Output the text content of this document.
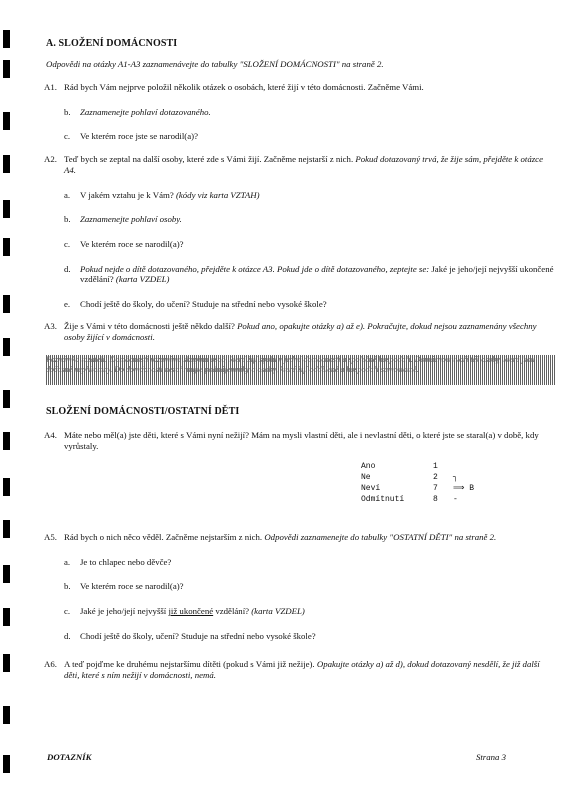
A. SLOŽENÍ DOMÁCNOSTI
Odpovědi na otázky A1-A3 zaznamenávejte do tabulky "SLOŽENÍ DOMÁCNOSTI" na straně 2.
A1. Rád bych Vám nejprve položil několik otázek o osobách, které žijí v této domácnosti. Začněme Vámi.
b. Zaznamenejte pohlaví dotazovaného.
c. Ve kterém roce jste se narodil(a)?
A2. Teď bych se zeptal na další osoby, které zde s Vámi žijí. Začněme nejstarší z nich. Pokud dotazovaný trvá, že žije sám, přejděte k otázce A4.
a. V jakém vztahu je k Vám? (kódy viz karta VZTAH)
b. Zaznamenejte pohlaví osoby.
c. Ve kterém roce se narodil(a)?
d. Pokud nejde o dítě dotazovaného, přejděte k otázce A3. Pokud jde o dítě dotazovaného, zeptejte se: Jaké je jeho/její nejvyšší ukončené vzdělání? (karta VZDEL)
e. Chodí ještě do školy, do učení? Studuje na střední nebo vysoké škole?
A3. Žije s Vámi v této domácnosti ještě někdo další? Pokud ano, opakujte otázky a) až e). Pokračujte, dokud nejsou zaznamenány všechny osoby žijící v domácnosti.
Poznámka tazateli: Domácností rozumíme skupinu osob, které žijí spolu v jedné domácnosti a společně hospodaří. Domácnost tvoří též osoby, které jsou dočasně nepřítomny. Do domácnosti nezahrnujte podnájemníky a osoby, které žijí odděleně a hospodaří samostatně.
SLOŽENÍ DOMÁCNOSTI/OSTATNÍ DĚTI
A4. Máte nebo měl(a) jste děti, které s Vámi nyní nežijí? Mám na mysli vlastní děti, ale i nevlastní děti, o které jste se staral(a) v době, kdy vyrůstaly.
Ano	1
Ne	2	┐
Neví	7	⟹ B
Odmítnutí	8	-
A5. Rád bych o nich něco věděl. Začněme nejstarším z nich. Odpovědi zaznamenejte do tabulky "OSTATNÍ DĚTI" na straně 2.
a. Je to chlapec nebo děvče?
b. Ve kterém roce se narodil(a)?
c. Jaké je jeho/její nejvyšší již ukončené vzdělání? (karta VZDEL)
d. Chodí ještě do školy, učení? Studuje na střední nebo vysoké škole?
A6. A teď pojďme ke druhému nejstaršímu dítěti (pokud s Vámi již nežije). Opakujte otázky a) až d), dokud dotazovaný nesdělí, že již další děti, které s ním nežijí v domácnosti, nemá.
DOTAZNÍK	Strana 3
